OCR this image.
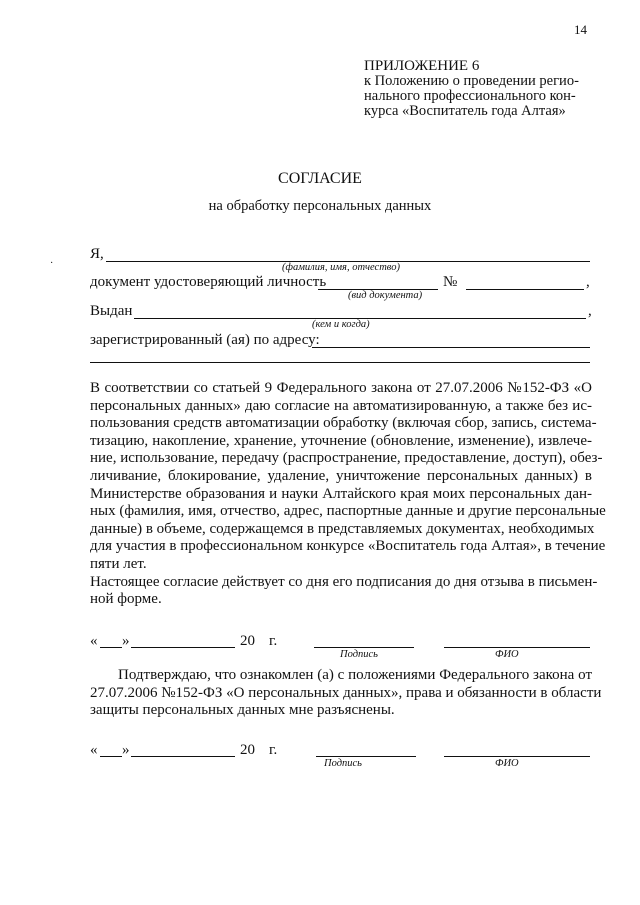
14
ПРИЛОЖЕНИЕ 6
к Положению о проведении регио-
нального профессионального кон-
курса «Воспитатель года Алтая»
СОГЛАСИЕ
на обработку персональных данных
·
Я,
(фамилия, имя, отчество)
документ удостоверяющий личность	№	,
(вид документа)
Выдан	,
(кем и когда)
зарегистрированный (ая) по адресу:
В соответствии со статьей 9 Федерального закона от 27.07.2006 №152-ФЗ «О
персональных данных» даю согласие на автоматизированную, а также без ис-
пользования средств автоматизации обработку (включая сбор, запись, система-
тизацию, накопление, хранение, уточнение (обновление, изменение), извлече-
ние, использование, передачу (распространение, предоставление, доступ), обез-
личивание, блокирование, удаление, уничтожение персональных данных) в
Министерстве образования и науки Алтайского края моих персональных дан-
ных (фамилия, имя, отчество, адрес, паспортные данные и другие персональные
данные) в объеме, содержащемся в представляемых документах, необходимых
для участия в профессиональном конкурсе «Воспитатель года Алтая», в течение
пяти лет.
Настоящее согласие действует со дня его подписания до дня отзыва в письмен-
ной форме.
« »	20 г.
Подпись	ФИО
Подтверждаю, что ознакомлен (а) с положениями Федерального закона от
27.07.2006 №152-ФЗ «О персональных данных», права и обязанности в области
защиты персональных данных мне разъяснены.
« »	20 г.
Подпись	ФИО
